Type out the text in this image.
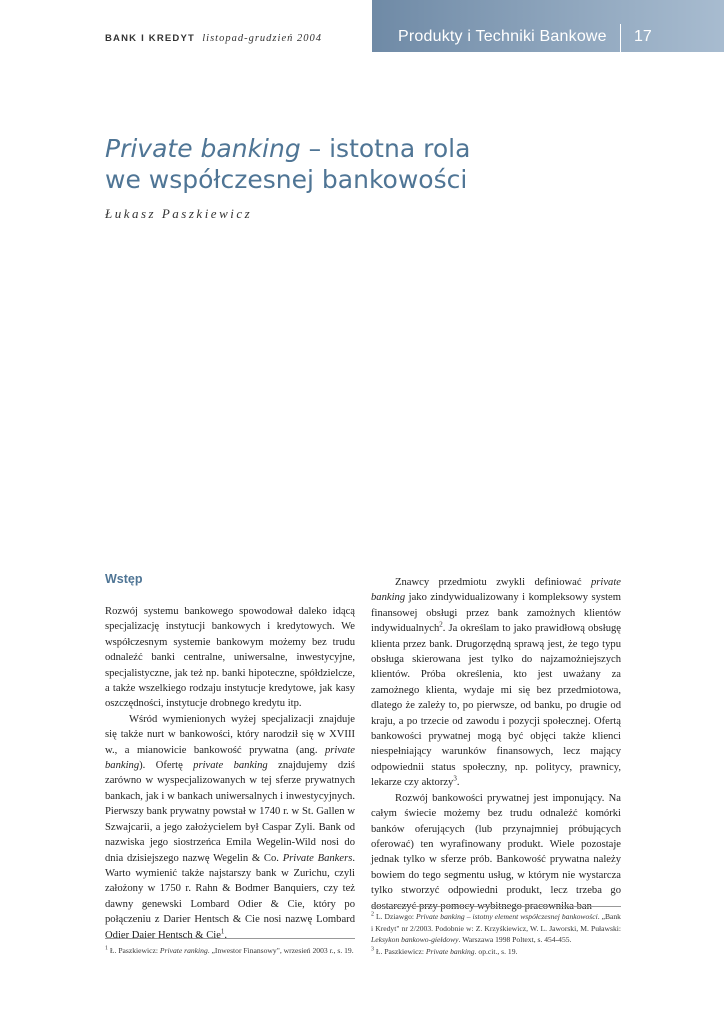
BANK I KREDYT listopad-grudzień 2004	Produkty i Techniki Bankowe 17
Private banking – istotna rola
we współczesnej bankowości
Łukasz Paszkiewicz

Wstęp

Rozwój systemu bankowego spowodował daleko idącą specjalizację instytucji bankowych i kredytowych. We współczesnym systemie bankowym możemy bez trudu odnaleźć banki centralne, uniwersalne, inwestycyjne, specjalistyczne, jak też np. banki hipoteczne, spółdzielcze, a także wszelkiego rodzaju instytucje kredytowe, jak kasy oszczędności, instytucje drobnego kredytu itp.

Wśród wymienionych wyżej specjalizacji znajduje się także nurt w bankowości, który narodził się w XVIII w., a mianowicie bankowość prywatna (ang. private banking). Ofertę private banking znajdujemy dziś zarówno w wyspecjalizowanych w tej sferze prywatnych bankach, jak i w bankach uniwersalnych i inwestycyjnych. Pierwszy bank prywatny powstał w 1740 r. w St. Gallen w Szwajcarii, a jego założycielem był Caspar Zyli. Bank od nazwiska jego siostrzeńca Emila Wegelin-Wild nosi do dnia dzisiejszego nazwę Wegelin & Co. Private Bankers. Warto wymienić także najstarszy bank w Zurichu, czyli założony w 1750 r. Rahn & Bodmer Banquiers, czy też dawny genewski Lombard Odier & Cie, który po połączeniu z Darier Hentsch & Cie nosi nazwę Lombard Odier Daier Hentsch & Cie$^1$.

Znawcy przedmiotu zwykli definiować private banking jako zindywidualizowany i kompleksowy system finansowej obsługi przez bank zamożnych klientów indywidualnych$^2$. Ja określam to jako prawidłową obsługę klienta przez bank. Drugorzędną sprawą jest, że tego typu obsługa skierowana jest tylko do najzamożniejszych klientów. Próba określenia, kto jest uważany za zamożnego klienta, wydaje mi się bez przedmiotowa, dlatego że zależy to, po pierwsze, od banku, po drugie od kraju, a po trzecie od zawodu i pozycji społecznej. Ofertą bankowości prywatnej mogą być objęci także klienci niespełniający warunków finansowych, lecz mający odpowiednii status społeczny, np. politycy, prawnicy, lekarze czy aktorzy$^3$.

Rozwój bankowości prywatnej jest imponujący. Na całym świecie możemy bez trudu odnaleźć komórki banków oferujących (lub przynajmniej próbujących oferować) ten wyrafinowany produkt. Wiele pozostaje jednak tylko w sferze prób. Bankowość prywatna należy bowiem do tego segmentu usług, w którym nie wystarcza tylko stworzyć odpowiedni produkt, lecz trzeba go dostarczyć przy pomocy wybitnego pracownika ban-

$^1$ Ł. Paszkiewicz: Private ranking. „Inwestor Finansowy", wrzesień 2003 r., s. 19.

$^2$ L. Dziawgo: Private banking – istotny element współczesnej bankowości. „Bank i Kredyt" nr 2/2003. Podobnie w: Z. Krzyśkiewicz, W. L. Jaworski, M. Puławski: Leksykon bankowo-giełdowy. Warszawa 1998 Poltext, s. 454-455.

$^3$ Ł. Paszkiewicz: Private banking. op.cit., s. 19.
